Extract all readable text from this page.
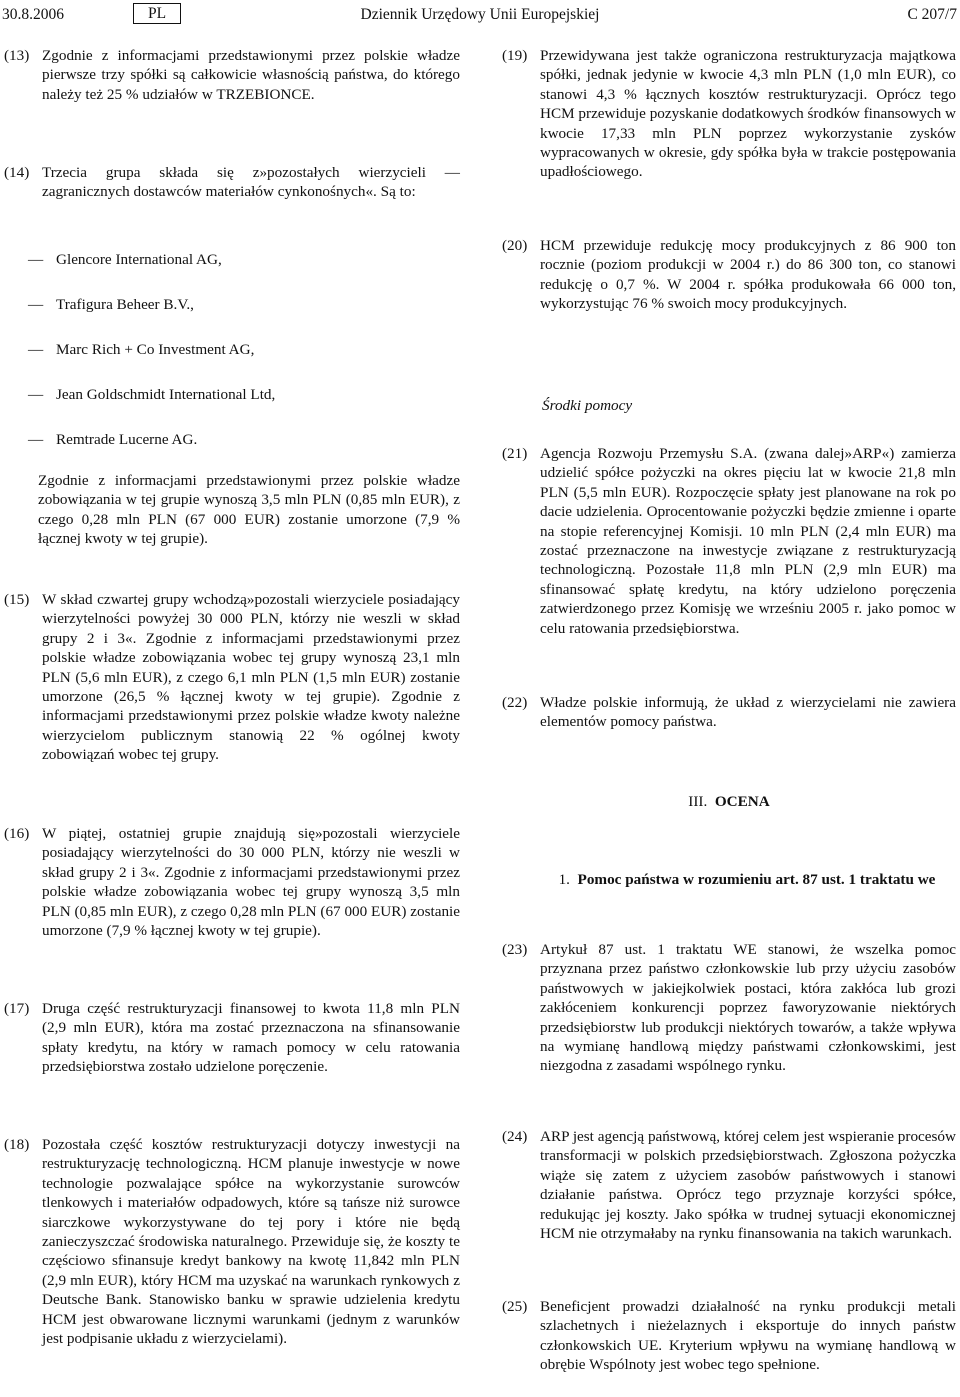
30.8.2006	PL	Dziennik Urzędowy Unii Europejskiej	C 207/7
(13) Zgodnie z informacjami przedstawionymi przez polskie władze pierwsze trzy spółki są całkowicie własnością państwa, do którego należy też 25 % udziałów w TRZEBIONCE.
(14) Trzecia grupa składa się z»pozostałych wierzycieli — zagranicznych dostawców materiałów cynkonośnych«. Są to:
— Glencore International AG,
— Trafigura Beheer B.V.,
— Marc Rich + Co Investment AG,
— Jean Goldschmidt International Ltd,
— Remtrade Lucerne AG.
Zgodnie z informacjami przedstawionymi przez polskie władze zobowiązania w tej grupie wynoszą 3,5 mln PLN (0,85 mln EUR), z czego 0,28 mln PLN (67 000 EUR) zostanie umorzone (7,9 % łącznej kwoty w tej grupie).
(15) W skład czwartej grupy wchodzą»pozostali wierzyciele posiadający wierzytelności powyżej 30 000 PLN, którzy nie weszli w skład grupy 2 i 3«. Zgodnie z informacjami przedstawionymi przez polskie władze zobowiązania wobec tej grupy wynoszą 23,1 mln PLN (5,6 mln EUR), z czego 6,1 mln PLN (1,5 mln EUR) zostanie umorzone (26,5 % łącznej kwoty w tej grupie). Zgodnie z informacjami przedstawionymi przez polskie władze kwoty należne wierzycielom publicznym stanowią 22 % ogólnej kwoty zobowiązań wobec tej grupy.
(16) W piątej, ostatniej grupie znajdują się»pozostali wierzyciele posiadający wierzytelności do 30 000 PLN, którzy nie weszli w skład grupy 2 i 3«. Zgodnie z informacjami przedstawionymi przez polskie władze zobowiązania wobec tej grupy wynoszą 3,5 mln PLN (0,85 mln EUR), z czego 0,28 mln PLN (67 000 EUR) zostanie umorzone (7,9 % łącznej kwoty w tej grupie).
(17) Druga część restrukturyzacji finansowej to kwota 11,8 mln PLN (2,9 mln EUR), która ma zostać przeznaczona na sfinansowanie spłaty kredytu, na który w ramach pomocy w celu ratowania przedsiębiorstwa zostało udzielone poręczenie.
(18) Pozostała część kosztów restrukturyzacji dotyczy inwestycji na restrukturyzację technologiczną. HCM planuje inwestycje w nowe technologie pozwalające spółce na wykorzystanie surowców tlenkowych i materiałów odpadowych, które są tańsze niż surowce siarczkowe wykorzystywane do tej pory i które nie będą zanieczyszczać środowiska naturalnego. Przewiduje się, że koszty te częściowo sfinansuje kredyt bankowy na kwotę 11,842 mln PLN (2,9 mln EUR), który HCM ma uzyskać na warunkach rynkowych z Deutsche Bank. Stanowisko banku w sprawie udzielenia kredytu HCM jest obwarowane licznymi warunkami (jednym z warunków jest podpisanie układu z wierzycielami).
(19) Przewidywana jest także ograniczona restrukturyzacja majątkowa spółki, jednak jedynie w kwocie 4,3 mln PLN (1,0 mln EUR), co stanowi 4,3 % łącznych kosztów restrukturyzacji. Oprócz tego HCM przewiduje pozyskanie dodatkowych środków finansowych w kwocie 17,33 mln PLN poprzez wykorzystanie zysków wypracowanych w okresie, gdy spółka była w trakcie postępowania upadłościowego.
(20) HCM przewiduje redukcję mocy produkcyjnych z 86 900 ton rocznie (poziom produkcji w 2004 r.) do 86 300 ton, co stanowi redukcję o 0,7 %. W 2004 r. spółka produkowała 66 000 ton, wykorzystując 76 % swoich mocy produkcyjnych.
Środki pomocy
(21) Agencja Rozwoju Przemysłu S.A. (zwana dalej»ARP«) zamierza udzielić spółce pożyczki na okres pięciu lat w kwocie 21,8 mln PLN (5,5 mln EUR). Rozpoczęcie spłaty jest planowane na rok po dacie udzielenia. Oprocentowanie pożyczki będzie zmienne i oparte na stopie referencyjnej Komisji. 10 mln PLN (2,4 mln EUR) ma zostać przeznaczone na inwestycje związane z restrukturyzacją technologiczną. Pozostałe 11,8 mln PLN (2,9 mln EUR) ma sfinansować spłatę kredytu, na który udzielono poręczenia zatwierdzonego przez Komisję we wrześniu 2005 r. jako pomoc w celu ratowania przedsiębiorstwa.
(22) Władze polskie informują, że układ z wierzycielami nie zawiera elementów pomocy państwa.
III. OCENA
1. Pomoc państwa w rozumieniu art. 87 ust. 1 traktatu we
(23) Artykuł 87 ust. 1 traktatu WE stanowi, że wszelka pomoc przyznana przez państwo członkowskie lub przy użyciu zasobów państwowych w jakiejkolwiek postaci, która zakłóca lub grozi zakłóceniem konkurencji poprzez faworyzowanie niektórych przedsiębiorstw lub produkcji niektórych towarów, a także wpływa na wymianę handlową między państwami członkowskimi, jest niezgodna z zasadami wspólnego rynku.
(24) ARP jest agencją państwową, której celem jest wspieranie procesów transformacji w polskich przedsiębiorstwach. Zgłoszona pożyczka wiąże się zatem z użyciem zasobów państwowych i stanowi działanie państwa. Oprócz tego przyznaje korzyści spółce, redukując jej koszty. Jako spółka w trudnej sytuacji ekonomicznej HCM nie otrzymałaby na rynku finansowania na takich warunkach.
(25) Beneficjent prowadzi działalność na rynku produkcji metali szlachetnych i nieżelaznych i eksportuje do innych państw członkowskich UE. Kryterium wpływu na wymianę handlową w obrębie Wspólnoty jest wobec tego spełnione.
